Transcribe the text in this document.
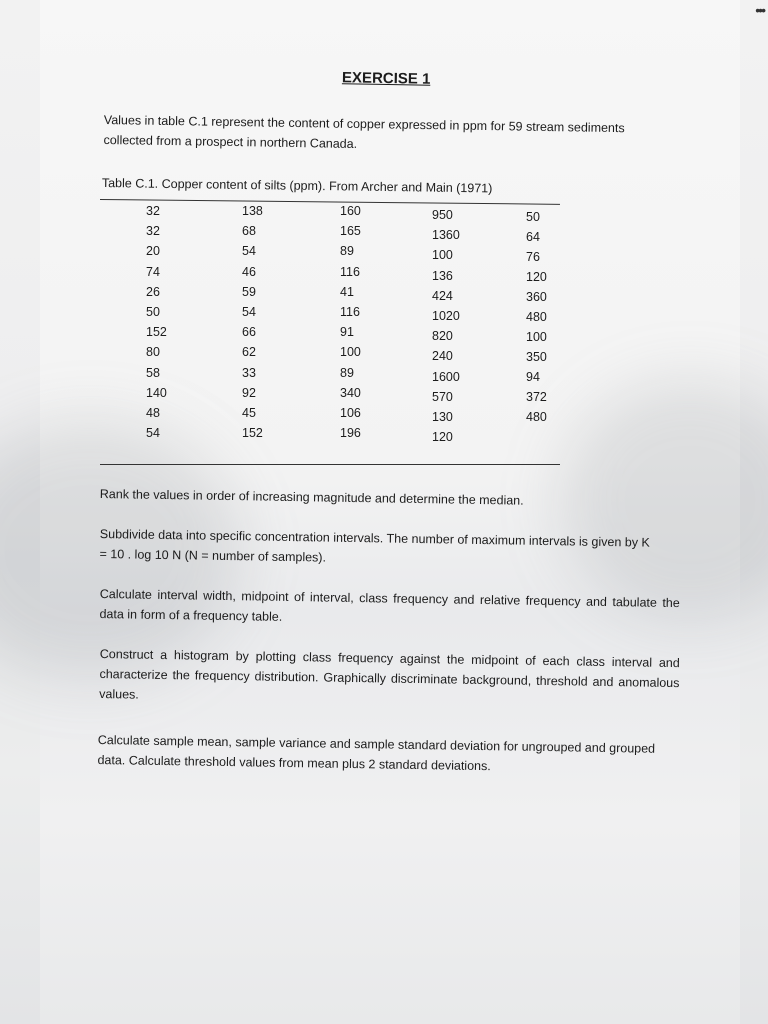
•••
EXERCISE 1
Values in table C.1 represent the content of copper expressed in ppm for 59 stream sediments collected from a prospect in northern Canada.
Table C.1. Copper content of silts (ppm). From Archer and Main (1971)
32
32
20
74
26
50
152
80
58
140
48
54
138
68
54
46
59
54
66
62
33
92
45
152
160
165
89
116
41
116
91
100
89
340
106
196
950
1360
100
136
424
1020
820
240
1600
570
130
120
50
64
76
120
360
480
100
350
94
372
480
Rank the values in order of increasing magnitude and determine the median.
Subdivide data into specific concentration intervals. The number of maximum intervals is given by K = 10 . log 10 N (N = number of samples).
Calculate interval width, midpoint of interval, class frequency and relative frequency and tabulate the data in form of a frequency table.
Construct a histogram by plotting class frequency against the midpoint of each class interval and characterize the frequency distribution. Graphically discriminate background, threshold and anomalous values.
Calculate sample mean, sample variance and sample standard deviation for ungrouped and grouped data. Calculate threshold values from mean plus 2 standard deviations.
